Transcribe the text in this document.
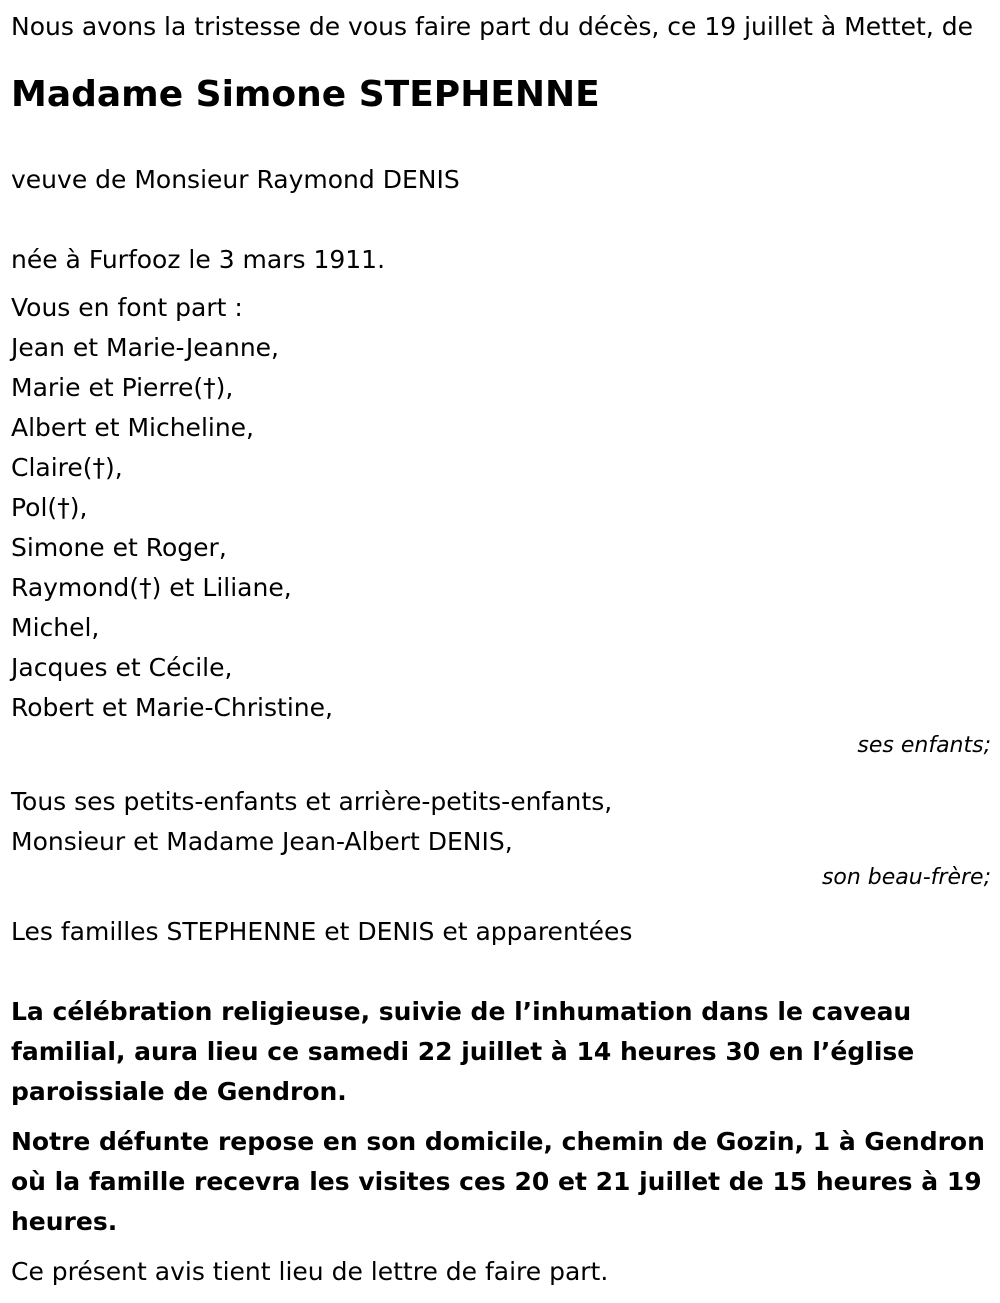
Nous avons la tristesse de vous faire part du décès, ce 19 juillet à Mettet, de

Madame Simone STEPHENNE

veuve de Monsieur Raymond DENIS

née à Furfooz le 3 mars 1911.

Vous en font part :

Jean et Marie-Jeanne,
Marie et Pierre(†),
Albert et Micheline,
Claire(†),
Pol(†),
Simone et Roger,
Raymond(†) et Liliane,
Michel,
Jacques et Cécile,
Robert et Marie-Christine,

ses enfants;

Tous ses petits-enfants et arrière-petits-enfants,

Monsieur et Madame Jean-Albert DENIS,

son beau-frère;

Les familles STEPHENNE et DENIS et apparentées

La célébration religieuse, suivie de l’inhumation dans le caveau familial, aura lieu ce samedi 22 juillet à 14 heures 30 en l’église paroissiale de Gendron.

Notre défunte repose en son domicile, chemin de Gozin, 1 à Gendron où la famille recevra les visites ces 20 et 21 juillet de 15 heures à 19 heures.

Ce présent avis tient lieu de lettre de faire part.
